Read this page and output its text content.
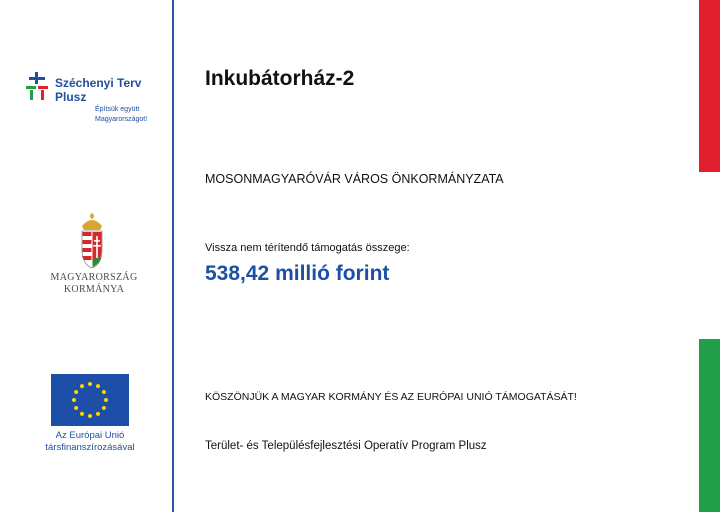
Széchenyi Terv
Plusz
Építsük együtt
Magyarországot!
MAGYARORSZÁG
KORMÁNYA
Az Európai Unió
társfinanszírozásával
Inkubátorház-2
MOSONMAGYARÓVÁR VÁROS ÖNKORMÁNYZATA
Vissza nem térítendő támogatás összege:
538,42 millió forint
KÖSZÖNJÜK A MAGYAR KORMÁNY ÉS AZ EURÓPAI UNIÓ TÁMOGATÁSÁT!
Terület- és Településfejlesztési Operatív Program Plusz
